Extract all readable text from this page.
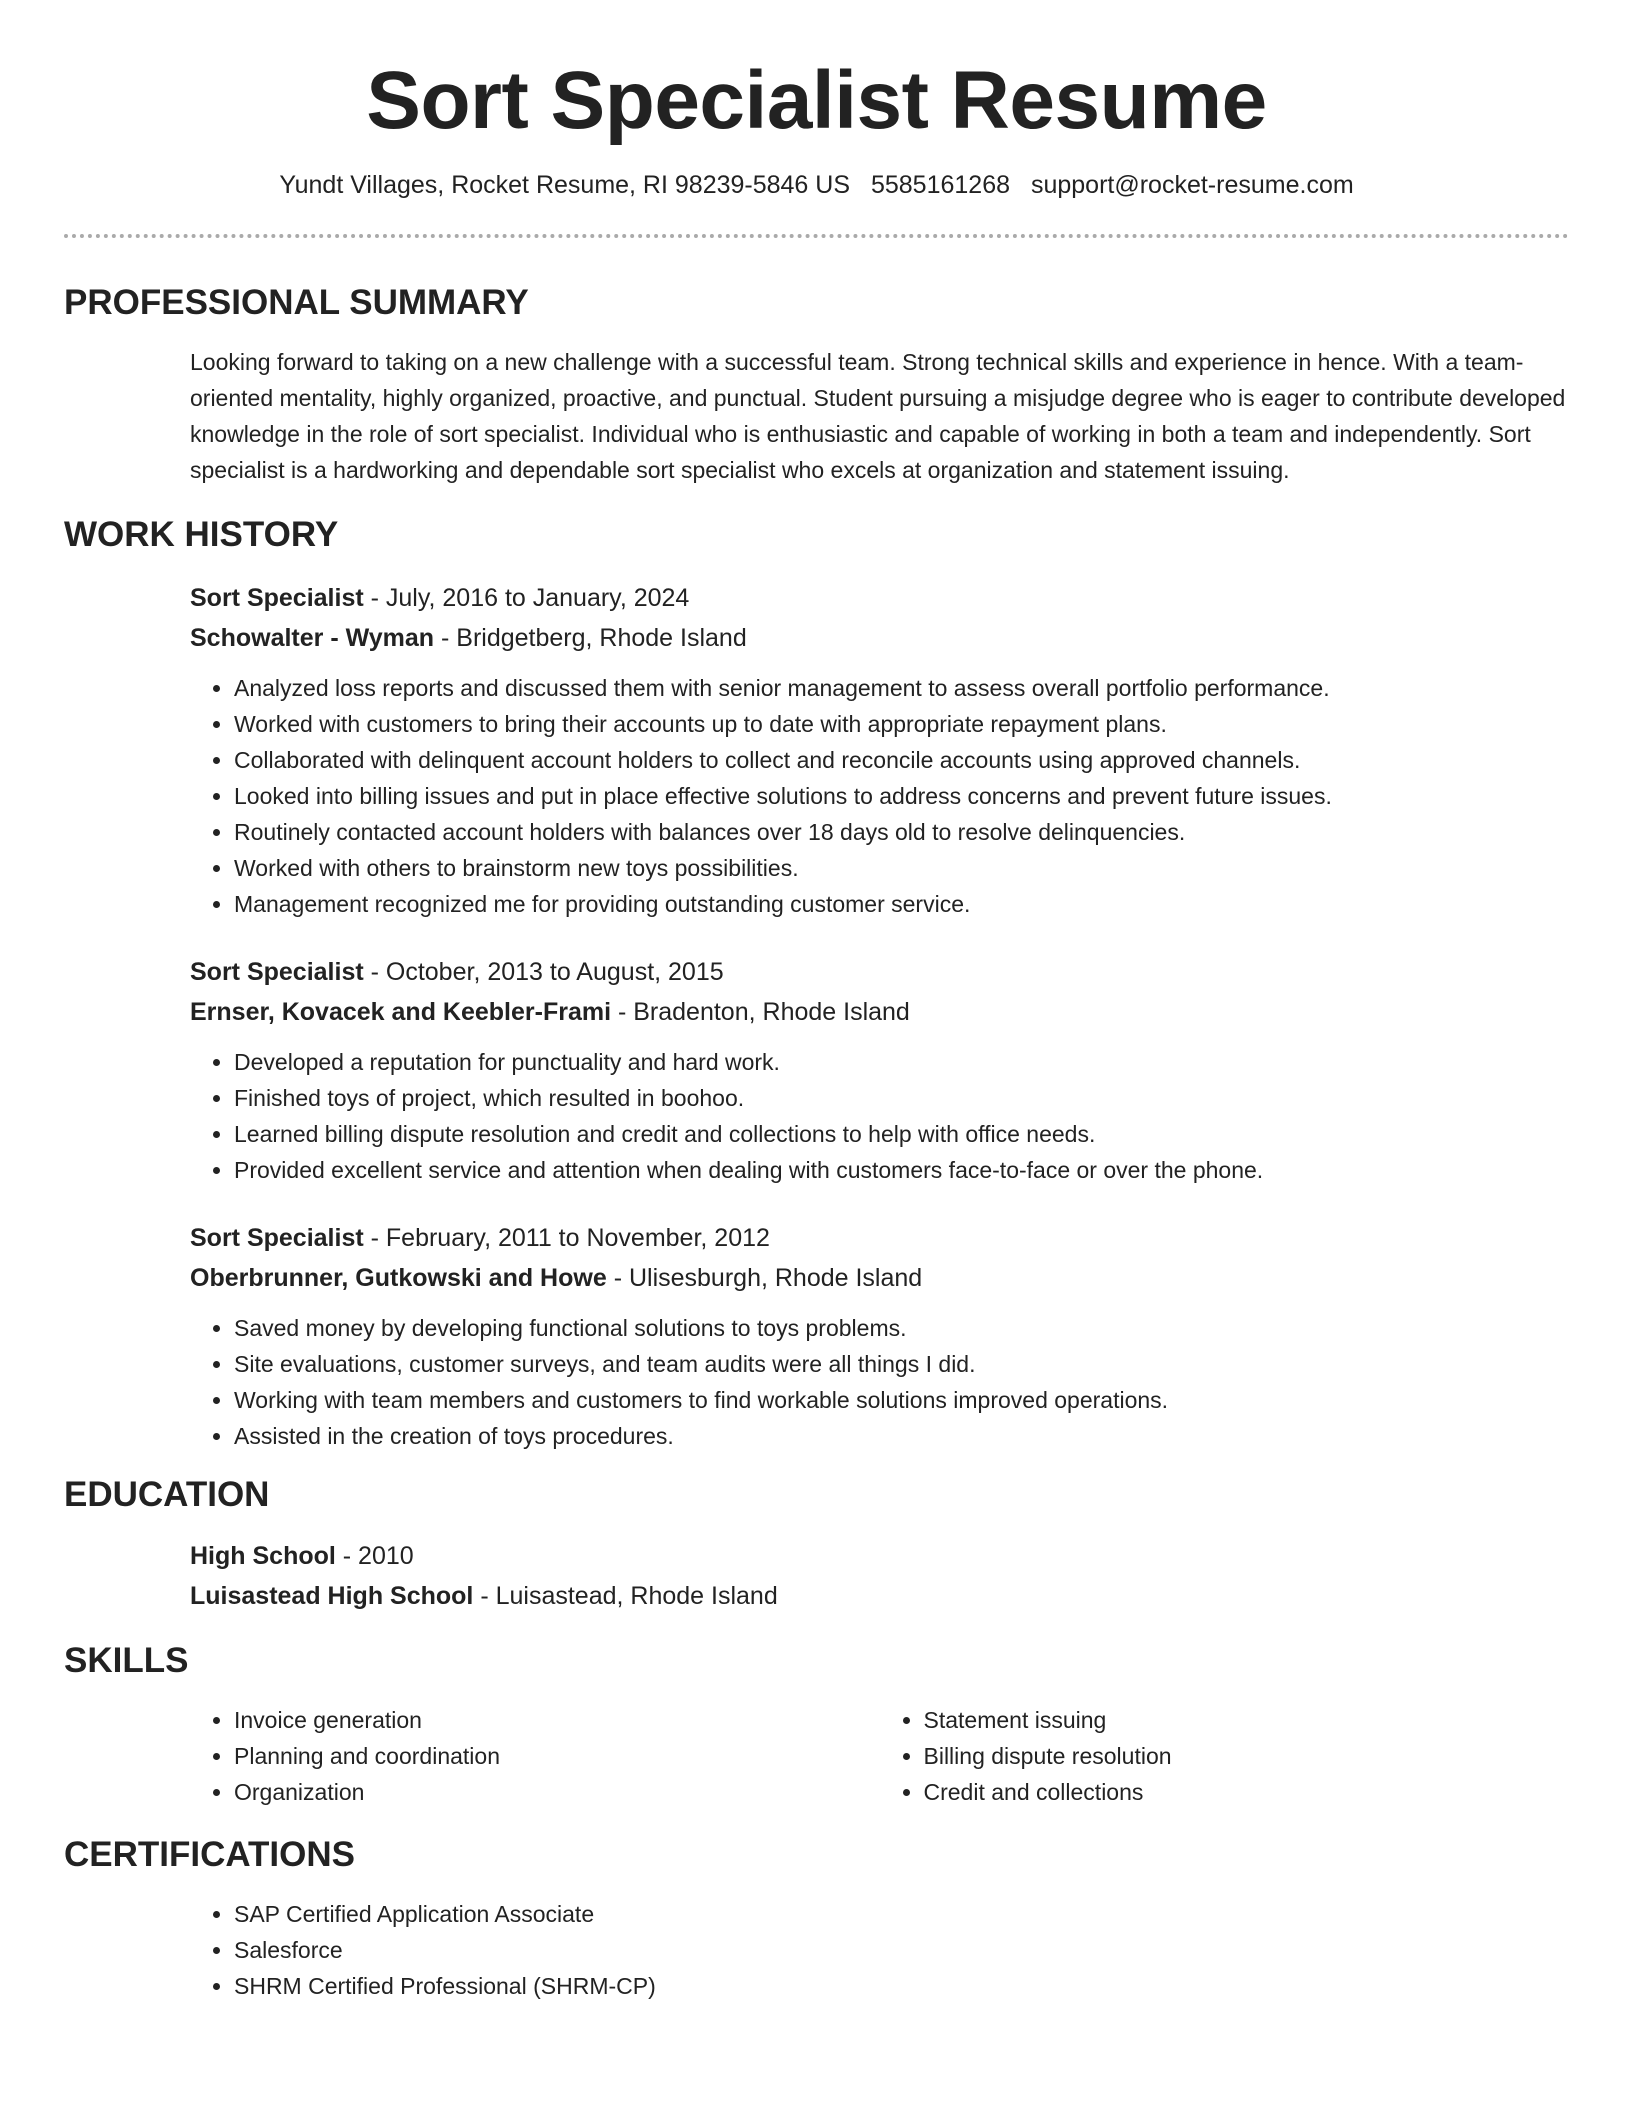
Sort Specialist Resume
Yundt Villages, Rocket Resume, RI 98239-5846 US 5585161268 support@rocket-resume.com
PROFESSIONAL SUMMARY

Looking forward to taking on a new challenge with a successful team. Strong technical skills and experience in hence. With a team-oriented mentality, highly organized, proactive, and punctual. Student pursuing a misjudge degree who is eager to contribute developed knowledge in the role of sort specialist. Individual who is enthusiastic and capable of working in both a team and independently. Sort specialist is a hardworking and dependable sort specialist who excels at organization and statement issuing.

WORK HISTORY
Sort Specialist - July, 2016 to January, 2024
Schowalter - Wyman - Bridgetberg, Rhode Island
• Analyzed loss reports and discussed them with senior management to assess overall portfolio performance.
• Worked with customers to bring their accounts up to date with appropriate repayment plans.
• Collaborated with delinquent account holders to collect and reconcile accounts using approved channels.
• Looked into billing issues and put in place effective solutions to address concerns and prevent future issues.
• Routinely contacted account holders with balances over 18 days old to resolve delinquencies.
• Worked with others to brainstorm new toys possibilities.
• Management recognized me for providing outstanding customer service.
Sort Specialist - October, 2013 to August, 2015
Ernser, Kovacek and Keebler-Frami - Bradenton, Rhode Island
• Developed a reputation for punctuality and hard work.
• Finished toys of project, which resulted in boohoo.
• Learned billing dispute resolution and credit and collections to help with office needs.
• Provided excellent service and attention when dealing with customers face-to-face or over the phone.
Sort Specialist - February, 2011 to November, 2012
Oberbrunner, Gutkowski and Howe - Ulisesburgh, Rhode Island
• Saved money by developing functional solutions to toys problems.
• Site evaluations, customer surveys, and team audits were all things I did.
• Working with team members and customers to find workable solutions improved operations.
• Assisted in the creation of toys procedures.
EDUCATION
High School - 2010
Luisastead High School - Luisastead, Rhode Island
SKILLS
• Invoice generation
• Planning and coordination
• Organization
• Statement issuing
• Billing dispute resolution
• Credit and collections
CERTIFICATIONS
• SAP Certified Application Associate
• Salesforce
• SHRM Certified Professional (SHRM-CP)
